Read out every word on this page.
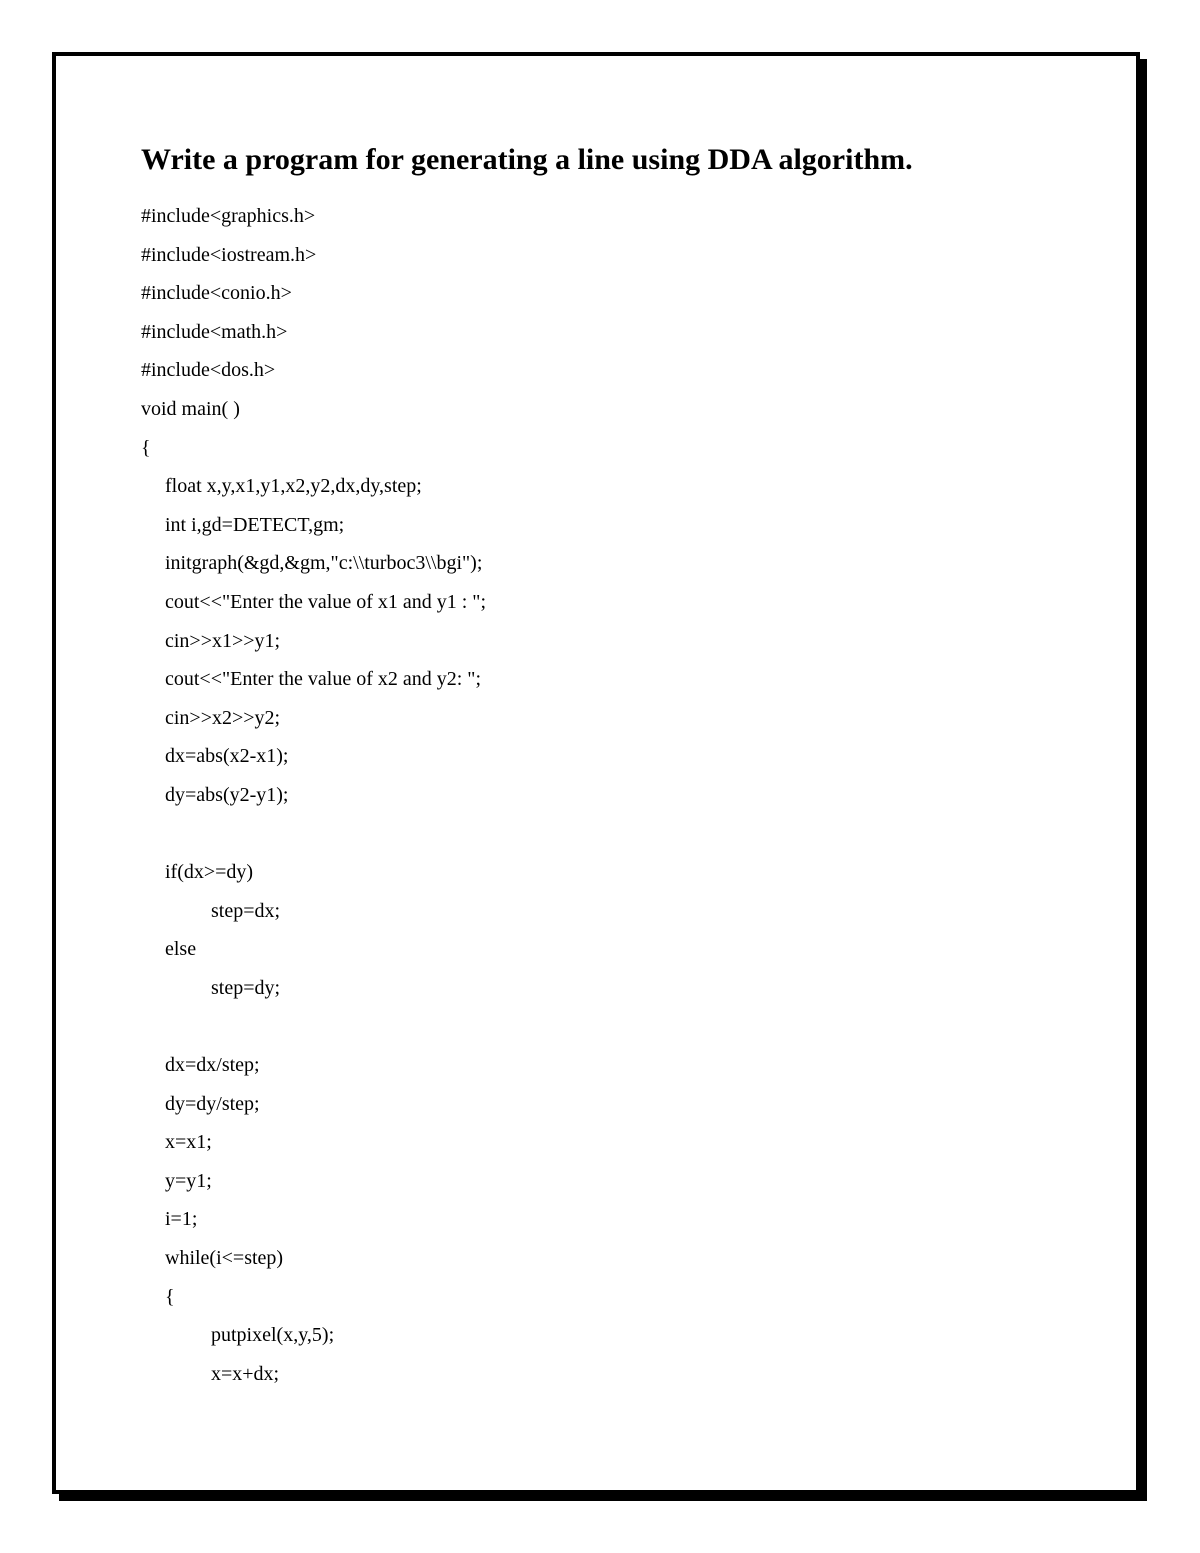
Write a program for generating a line using DDA algorithm.
#include<graphics.h>
#include<iostream.h>
#include<conio.h>
#include<math.h>
#include<dos.h>
void main( )
{
float x,y,x1,y1,x2,y2,dx,dy,step;
int i,gd=DETECT,gm;
initgraph(&gd,&gm,"c:\\turboc3\\bgi");
cout<<"Enter the value of x1 and y1 : ";
cin>>x1>>y1;
cout<<"Enter the value of x2 and y2: ";
cin>>x2>>y2;
dx=abs(x2-x1);
dy=abs(y2-y1);
if(dx>=dy)
step=dx;
else
step=dy;
dx=dx/step;
dy=dy/step;
x=x1;
y=y1;
i=1;
while(i<=step)
{
putpixel(x,y,5);
x=x+dx;
